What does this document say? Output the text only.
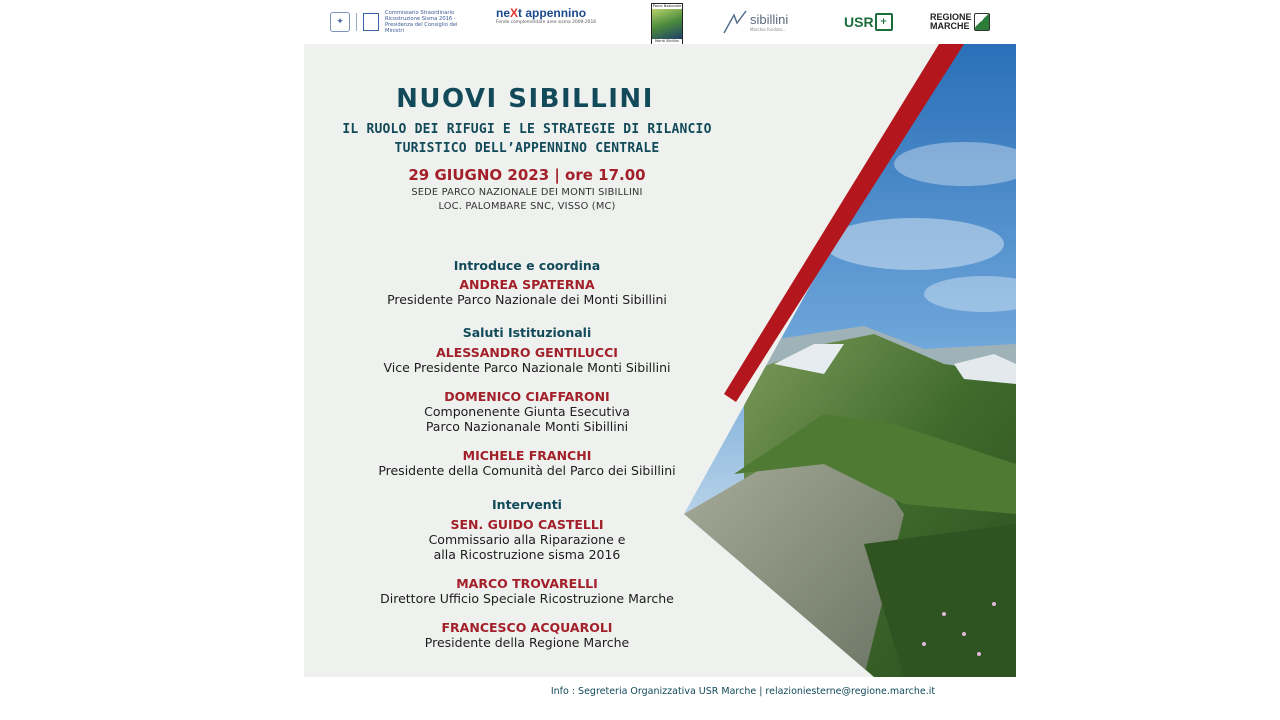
✦
Commissario Straordinario Ricostruzione Sisma 2016 · Presidenza del Consiglio dei Ministri
neXt appennino
Fondo complementare aree sisma 2009-2016
Parco Nazionale
Monti Sibillini
sibillini
Marchio fondato...	USR +	REGIONE
MARCHE
NUOVI SIBILLINI
IL RUOLO DEI RIFUGI E LE STRATEGIE DI RILANCIO
TURISTICO DELL’APPENNINO CENTRALE
29 GIUGNO 2023 | ore 17.00
SEDE PARCO NAZIONALE DEI MONTI SIBILLINI
LOC. PALOMBARE SNC, VISSO (MC)
Introduce e coordina
ANDREA SPATERNA
Presidente Parco Nazionale dei Monti Sibillini
Saluti Istituzionali
ALESSANDRO GENTILUCCI
Vice Presidente Parco Nazionale Monti Sibillini
DOMENICO CIAFFARONI
Componenente Giunta Esecutiva
Parco Nazionanale Monti Sibillini
MICHELE FRANCHI
Presidente della Comunità del Parco dei Sibillini
Interventi
SEN. GUIDO CASTELLI
Commissario alla Riparazione e
alla Ricostruzione sisma 2016
MARCO TROVARELLI
Direttore Ufficio Speciale Ricostruzione Marche
FRANCESCO ACQUAROLI
Presidente della Regione Marche
Info : Segreteria Organizzativa USR Marche | relazioniesterne@regione.marche.it
